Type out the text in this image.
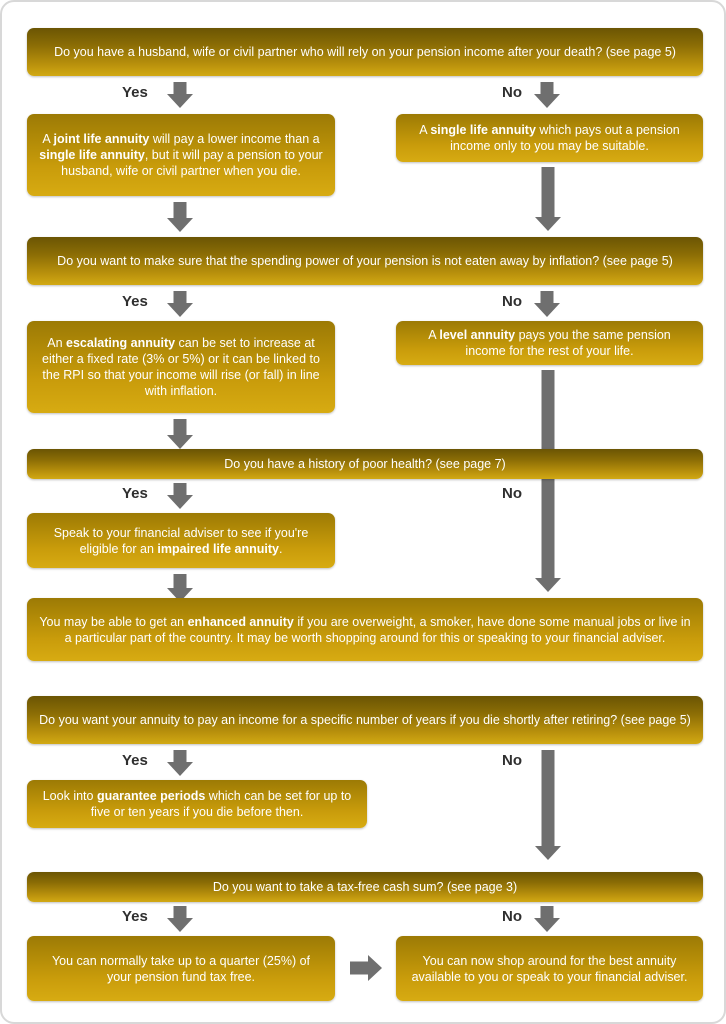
Do you have a husband, wife or civil partner who will rely on your pension income after your death? (see page 5)
Yes	No
A joint life annuity will pay a lower income than a single life annuity, but it will pay a pension to your husband, wife or civil partner when you die.
A single life annuity which pays out a pension income only to you may be suitable.
Do you want to make sure that the spending power of your pension is not eaten away by inflation? (see page 5)
Yes	No
An escalating annuity can be set to increase at either a fixed rate (3% or 5%) or it can be linked to the RPI so that your income will rise (or fall) in line with inflation.
A level annuity pays you the same pension income for the rest of your life.
Do you have a history of poor health? (see page 7)
Yes	No
Speak to your financial adviser to see if you're eligible for an impaired life annuity.
You may be able to get an enhanced annuity if you are overweight, a smoker, have done some manual jobs or live in a particular part of the country. It may be worth shopping around for this or speaking to your financial adviser.
Do you want your annuity to pay an income for a specific number of years if you die shortly after retiring? (see page 5)
Yes	No
Look into guarantee periods which can be set for up to five or ten years if you die before then.
Do you want to take a tax-free cash sum? (see page 3)
Yes	No
You can normally take up to a quarter (25%) of your pension fund tax free.
You can now shop around for the best annuity available to you or speak to your financial adviser.
